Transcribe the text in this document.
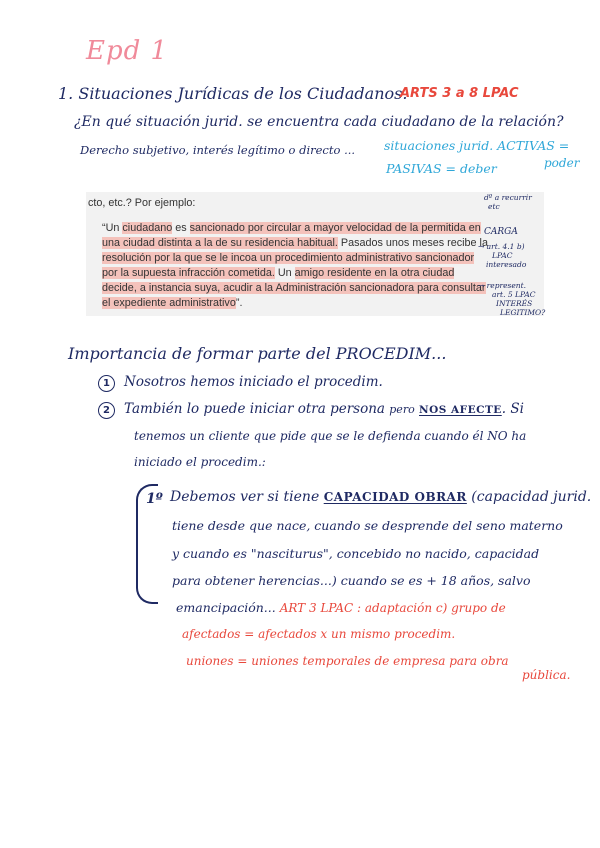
Epd 1
1. Situaciones Jurídicas de los Ciudadanos.
ARTS 3 a 8 LPAC
¿En qué situación jurid. se encuentra cada ciudadano de la relación?
Derecho subjetivo, interés legítimo o directo ... situaciones jurid. ACTIVAS =
poder
PASIVAS = deber
cto, etc.? Por ejemplo:
“Un ciudadano es sancionado por circular a mayor velocidad de la permitida en
una ciudad distinta a la de su residencia habitual. Pasados unos meses recibe la
resolución por la que se le incoa un procedimiento administrativo sancionador
por la supuesta infracción cometida. Un amigo residente en la otra ciudad
decide, a instancia suya, acudir a la Administración sancionadora para consultar
el expediente administrativo”.
dº a recurrir
etc
CARGA
→ art. 4.1 b)
LPAC
interesado
→ represent.
art. 5 LPAC
INTERÉS
LEGITIMO?
Importancia de formar parte del PROCEDIM...
1	Nosotros hemos iniciado el procedim.
2	También lo puede iniciar otra persona pero NOS AFECTE. Si
tenemos un cliente que pide que se le defienda cuando él NO ha
iniciado el procedim.:
1º Debemos ver si tiene CAPACIDAD OBRAR (capacidad jurid.
tiene desde que nace, cuando se desprende del seno materno
y cuando es "nasciturus", concebido no nacido, capacidad
para obtener herencias...) cuando se es + 18 años, salvo
emancipación... ART 3 LPAC : adaptación c) grupo de
afectados = afectados x un mismo procedim.
uniones = uniones temporales de empresa para obra
pública.
